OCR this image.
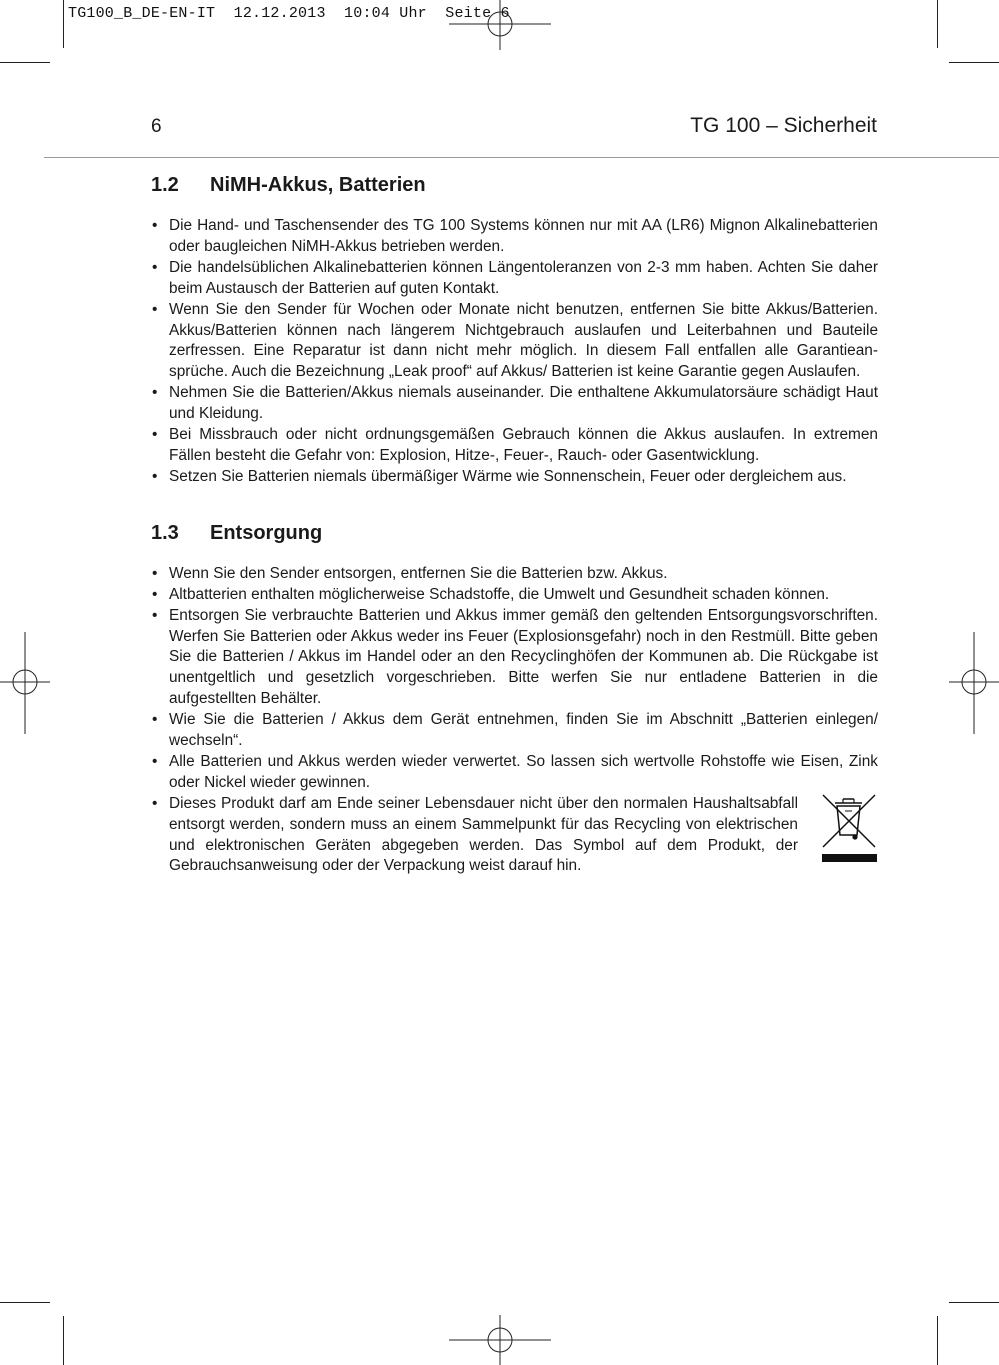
TG100_B_DE-EN-IT  12.12.2013  10:04 Uhr  Seite 6
6	TG 100 – Sicherheit
1.2	NiMH-Akkus, Batterien
• Die Hand- und Taschensender des TG 100 Systems können nur mit AA (LR6) Mignon Alkalinebatterien oder baugleichen NiMH-Akkus betrieben werden.
• Die handelsüblichen Alkalinebatterien können Längentoleranzen von 2-3 mm haben. Achten Sie daher beim Austausch der Batterien auf guten Kontakt.
• Wenn Sie den Sender für Wochen oder Monate nicht benutzen, entfernen Sie bitte Akkus/Batterien. Akkus/Batterien können nach längerem Nichtgebrauch auslaufen und Leiterbahnen und Bauteile zerfressen. Eine Reparatur ist dann nicht mehr möglich. In diesem Fall entfallen alle Garantieansprüche. Auch die Bezeichnung „Leak proof“ auf Akkus/ Batterien ist keine Garantie gegen Auslaufen.
• Nehmen Sie die Batterien/Akkus niemals auseinander. Die enthaltene Akkumulatorsäure schädigt Haut und Kleidung.
• Bei Missbrauch oder nicht ordnungsgemäßen Gebrauch können die Akkus auslaufen. In extremen Fällen besteht die Gefahr von: Explosion, Hitze-, Feuer-, Rauch- oder Gasentwicklung.
• Setzen Sie Batterien niemals übermäßiger Wärme wie Sonnenschein, Feuer oder dergleichem aus.
1.3	Entsorgung
• Wenn Sie den Sender entsorgen, entfernen Sie die Batterien bzw. Akkus.
• Altbatterien enthalten möglicherweise Schadstoffe, die Umwelt und Gesundheit schaden können.
• Entsorgen Sie verbrauchte Batterien und Akkus immer gemäß den geltenden Entsorgungsvorschriften. Werfen Sie Batterien oder Akkus weder ins Feuer (Explosionsgefahr) noch in den Restmüll. Bitte geben Sie die Batterien / Akkus im Handel oder an den Recyclinghöfen der Kommunen ab. Die Rückgabe ist unentgeltlich und gesetzlich vorgeschrieben. Bitte werfen Sie nur entladene Batterien in die aufgestellten Behälter.
• Wie Sie die Batterien / Akkus dem Gerät entnehmen, finden Sie im Abschnitt „Batterien einlegen/ wechseln“.
• Alle Batterien und Akkus werden wieder verwertet. So lassen sich wertvolle Rohstoffe wie Eisen, Zink oder Nickel wieder gewinnen.
• Dieses Produkt darf am Ende seiner Lebensdauer nicht über den normalen Haushaltsabfall entsorgt werden, sondern muss an einem Sammelpunkt für das Recycling von elektrischen und elektronischen Geräten abgegeben werden. Das Symbol auf dem Produkt, der Gebrauchsanweisung oder der Verpackung weist darauf hin.
